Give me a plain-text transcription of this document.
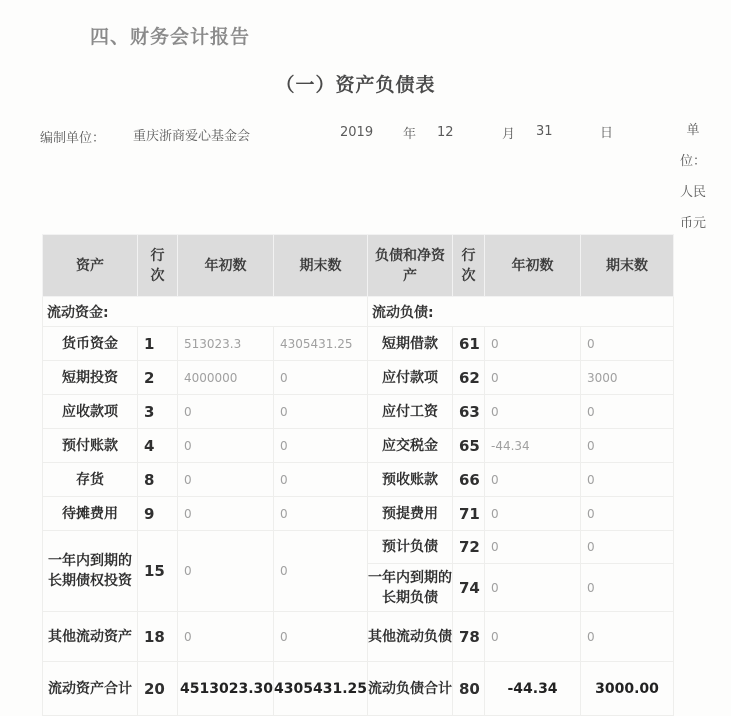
四、财务会计报告
（一）资产负债表
编制单位： 重庆浙商爱心基金会	2019 年 12	月 31	日	单
位：
人民
币元
资产	行次	年初数	期末数	负债和净资产	行次	年初数	期末数
流动资金:				流动负债:			
货币资金	1	513023.3	4305431.25	短期借款	61	0	0
短期投资	2	4000000	0	应付款项	62	0	3000
应收款项	3	0	0	应付工资	63	0	0
预付账款	4	0	0	应交税金	65	-44.34	0
存货	8	0	0	预收账款	66	0	0
待摊费用	9	0	0	预提费用	71	0	0
一年内到期的长期债权投资	15	0	0	预计负债	72	0	0
				一年内到期的长期负债	74	0	0
其他流动资产	18	0	0	其他流动负债	78	0	0
流动资产合计	20	4513023.30	4305431.25	流动负债合计	80	-44.34	3000.00
